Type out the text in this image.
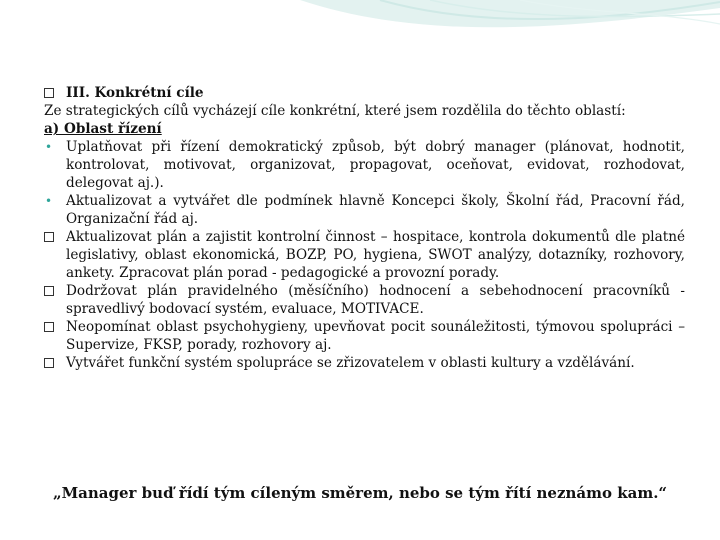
III. Konkrétní cíle

Ze strategických cílů vycházejí cíle konkrétní, které jsem rozdělila do těchto oblastí:

a) Oblast řízení

• Uplatňovat při řízení demokratický způsob, být dobrý manager (plánovat, hodnotit, kontrolovat, motivovat, organizovat, propagovat, oceňovat, evidovat, rozhodovat, delegovat aj.).
• Aktualizovat a vytvářet dle podmínek hlavně Koncepci školy, Školní řád, Pracovní řád, Organizační řád aj.
Aktualizovat plán a zajistit kontrolní činnost – hospitace, kontrola dokumentů dle platné legislativy, oblast ekonomická, BOZP, PO, hygiena, SWOT analýzy, dotazníky, rozhovory, ankety. Zpracovat plán porad - pedagogické a provozní porady.
Dodržovat plán pravidelného (měsíčního) hodnocení a sebehodnocení pracovníků - spravedlivý bodovací systém, evaluace, MOTIVACE.
Neopomínat oblast psychohygieny, upevňovat pocit sounáležitosti, týmovou spolupráci – Supervize, FKSP, porady, rozhovory aj.
Vytvářet funkční systém spolupráce se zřizovatelem v oblasti kultury a vzdělávání.

„Manager buď řídí tým cíleným směrem, nebo se tým řítí neznámo kam.“
